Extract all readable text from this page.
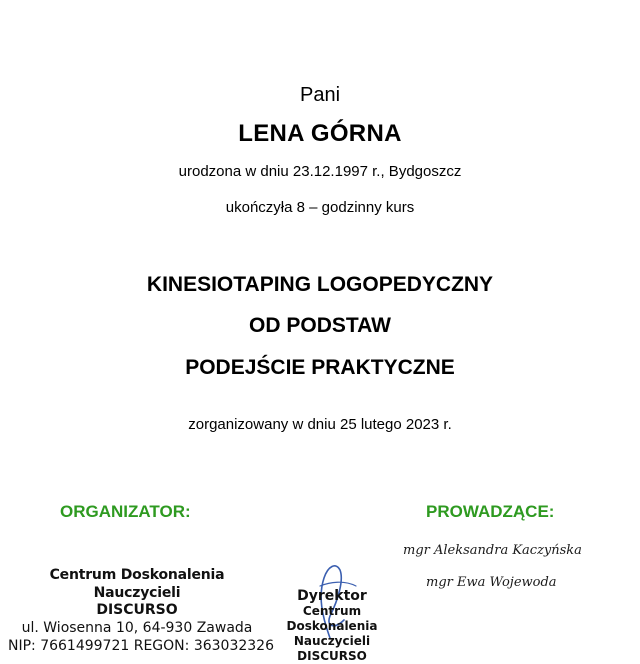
Pani
LENA GÓRNA
urodzona w dniu 23.12.1997 r., Bydgoszcz
ukończyła 8 – godzinny kurs
KINESIOTAPING LOGOPEDYCZNY
OD PODSTAW
PODEJŚCIE PRAKTYCZNE
zorganizowany w dniu 25 lutego 2023 r.
ORGANIZATOR:	PROWADZĄCE:
mgr Aleksandra Kaczyńska
mgr Ewa Wojewoda
Centrum Doskonalenia Nauczycieli
DISCURSO
ul. Wiosenna 10, 64-930 Zawada
NIP: 7661499721 REGON: 363032326
Dyrektor
Centrum Doskonalenia
Nauczycieli DISCURSO
